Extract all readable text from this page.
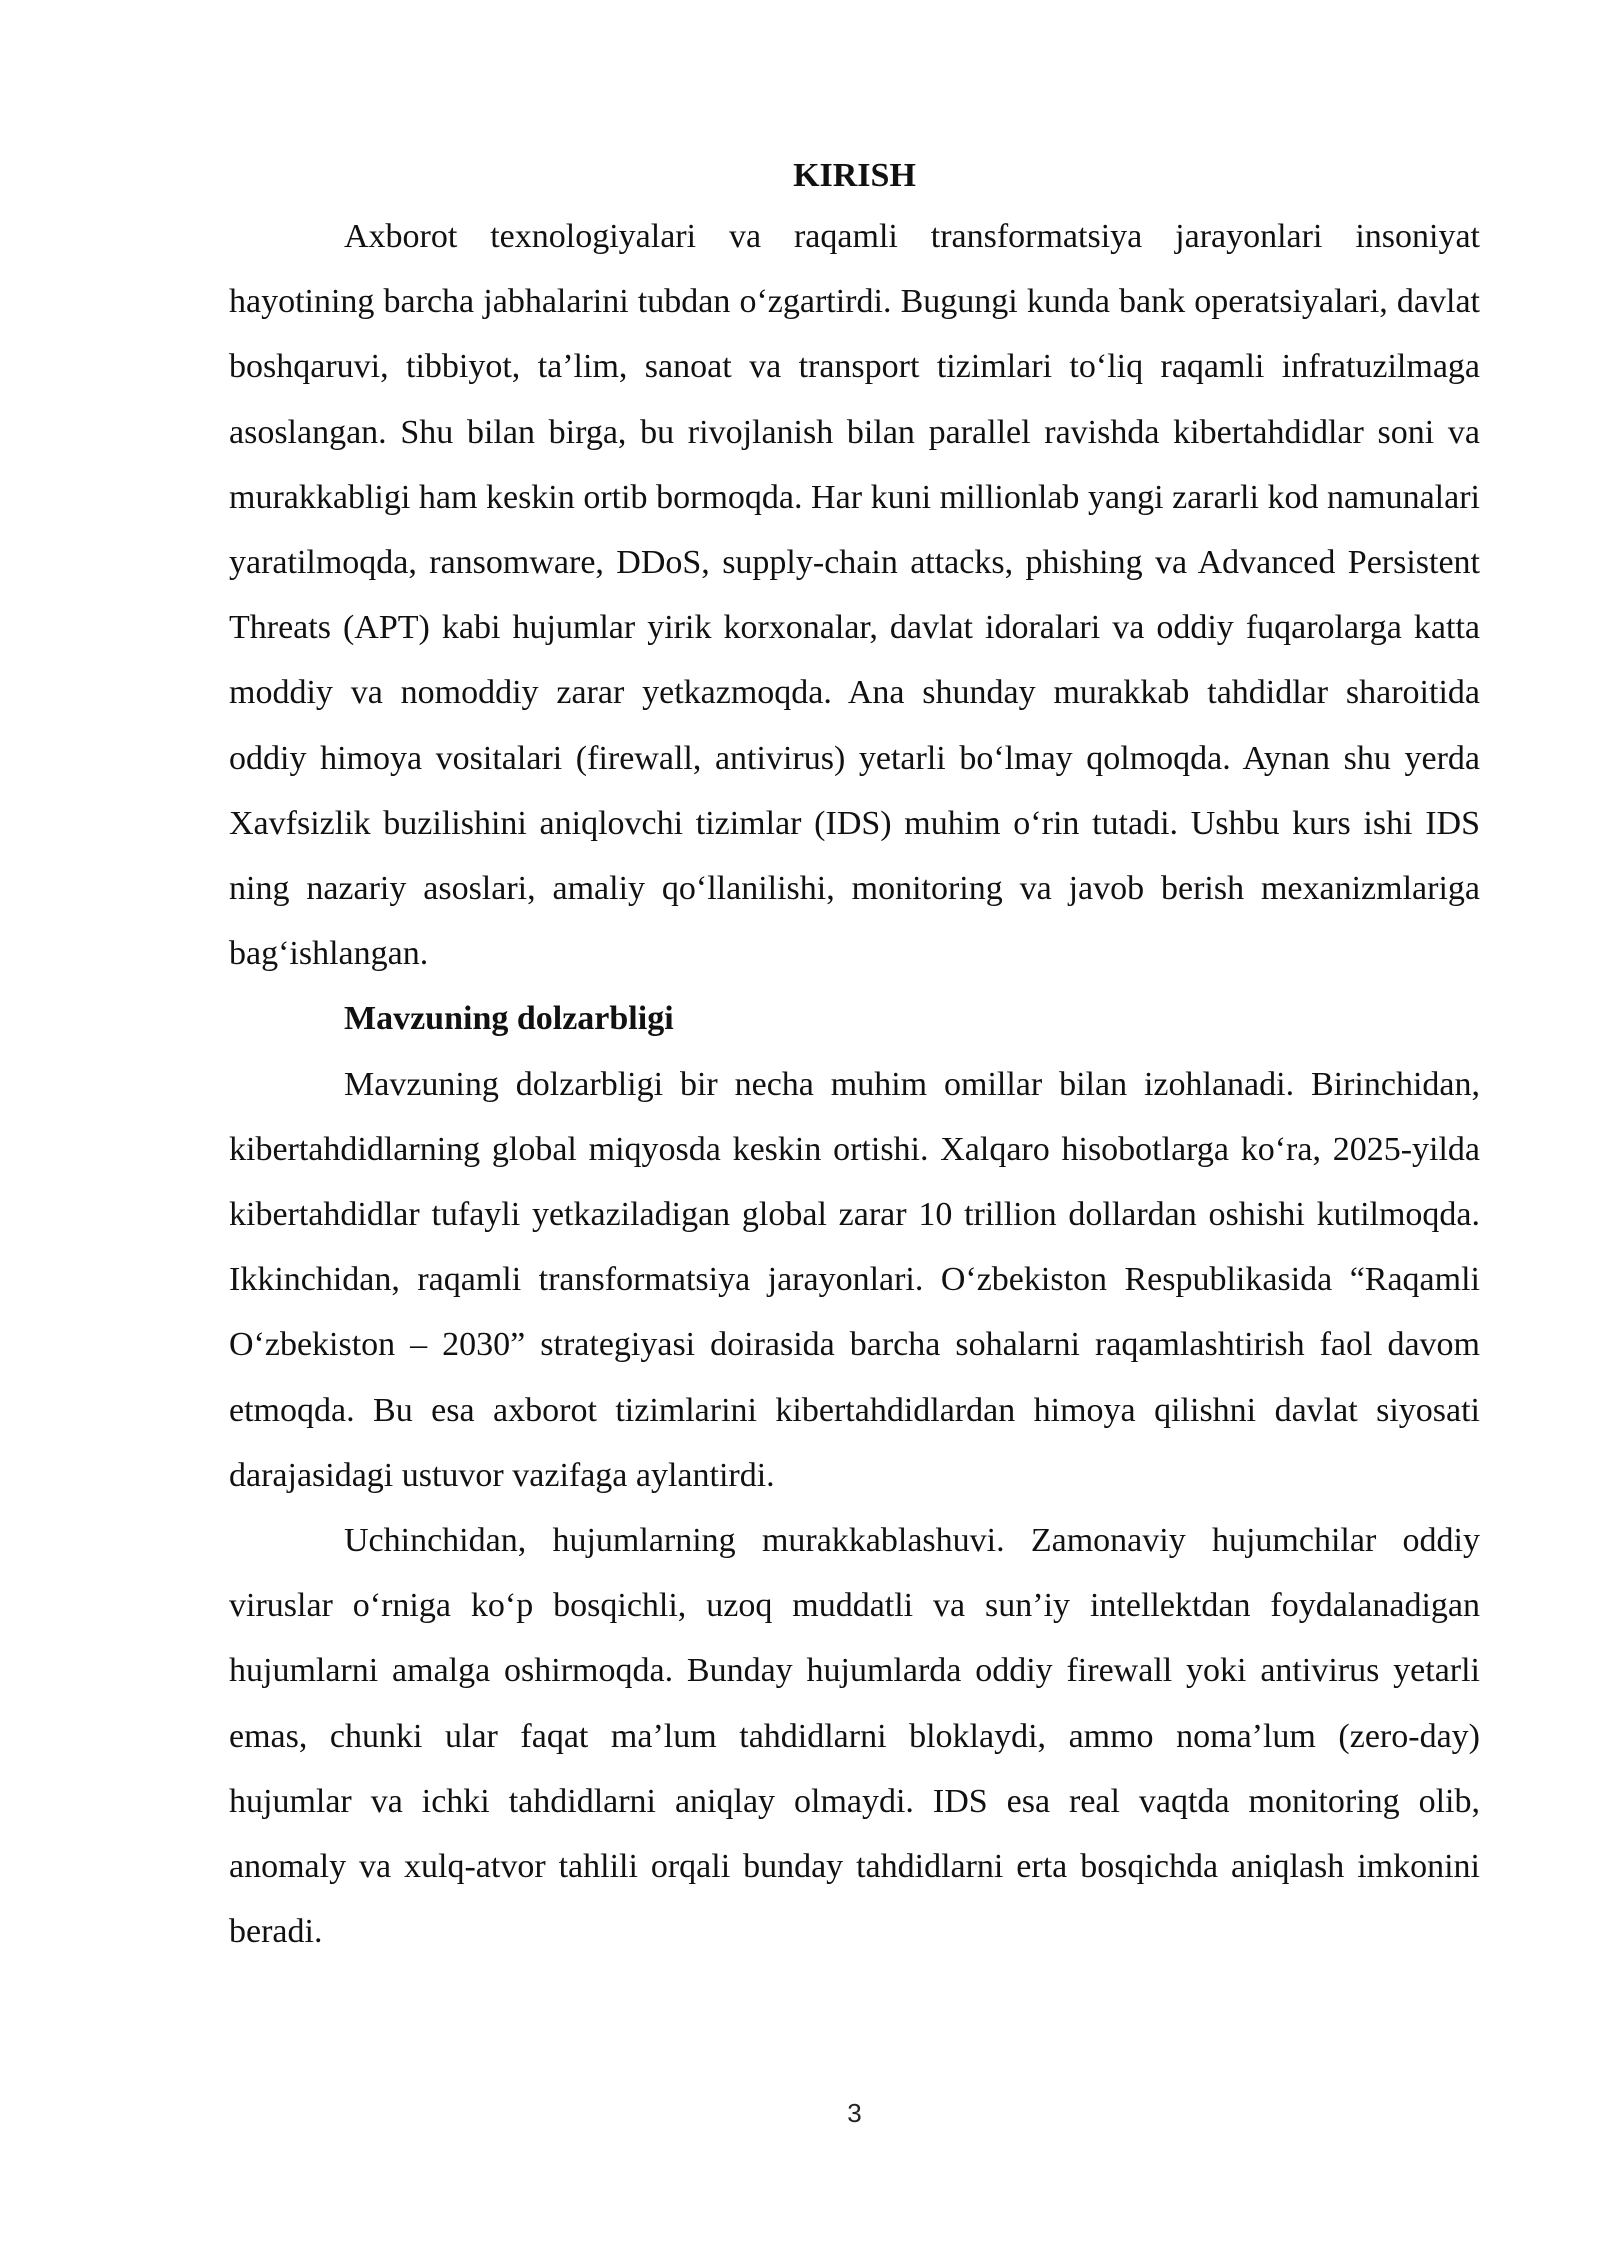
KIRISH

Axborot texnologiyalari va raqamli transformatsiya jarayonlari insoniyat hayotining barcha jabhalarini tubdan o‘zgartirdi. Bugungi kunda bank operatsiyalari, davlat boshqaruvi, tibbiyot, ta’lim, sanoat va transport tizimlari to‘liq raqamli infratuzilmaga asoslangan. Shu bilan birga, bu rivojlanish bilan parallel ravishda kibertahdidlar soni va murakkabligi ham keskin ortib bormoqda. Har kuni millionlab yangi zararli kod namunalari yaratilmoqda, ransomware, DDoS, supply-chain attacks, phishing va Advanced Persistent Threats (APT) kabi hujumlar yirik korxonalar, davlat idoralari va oddiy fuqarolarga katta moddiy va nomoddiy zarar yetkazmoqda. Ana shunday murakkab tahdidlar sharoitida oddiy himoya vositalari (firewall, antivirus) yetarli bo‘lmay qolmoqda. Aynan shu yerda Xavfsizlik buzilishini aniqlovchi tizimlar (IDS) muhim o‘rin tutadi. Ushbu kurs ishi IDS ning nazariy asoslari, amaliy qo‘llanilishi, monitoring va javob berish mexanizmlariga bag‘ishlangan.

Mavzuning dolzarbligi

Mavzuning dolzarbligi bir necha muhim omillar bilan izohlanadi. Birinchidan, kibertahdidlarning global miqyosda keskin ortishi. Xalqaro hisobotlarga ko‘ra, 2025-yilda kibertahdidlar tufayli yetkaziladigan global zarar 10 trillion dollardan oshishi kutilmoqda. Ikkinchidan, raqamli transformatsiya jarayonlari. O‘zbekiston Respublikasida “Raqamli O‘zbekiston – 2030” strategiyasi doirasida barcha sohalarni raqamlashtirish faol davom etmoqda. Bu esa axborot tizimlarini kibertahdidlardan himoya qilishni davlat siyosati darajasidagi ustuvor vazifaga aylantirdi.

Uchinchidan, hujumlarning murakkablashuvi. Zamonaviy hujumchilar oddiy viruslar o‘rniga ko‘p bosqichli, uzoq muddatli va sun’iy intellektdan foydalanadigan hujumlarni amalga oshirmoqda. Bunday hujumlarda oddiy firewall yoki antivirus yetarli emas, chunki ular faqat ma’lum tahdidlarni bloklaydi, ammo noma’lum (zero-day) hujumlar va ichki tahdidlarni aniqlay olmaydi. IDS esa real vaqtda monitoring olib, anomaly va xulq-atvor tahlili orqali bunday tahdidlarni erta bosqichda aniqlash imkonini beradi.

3
